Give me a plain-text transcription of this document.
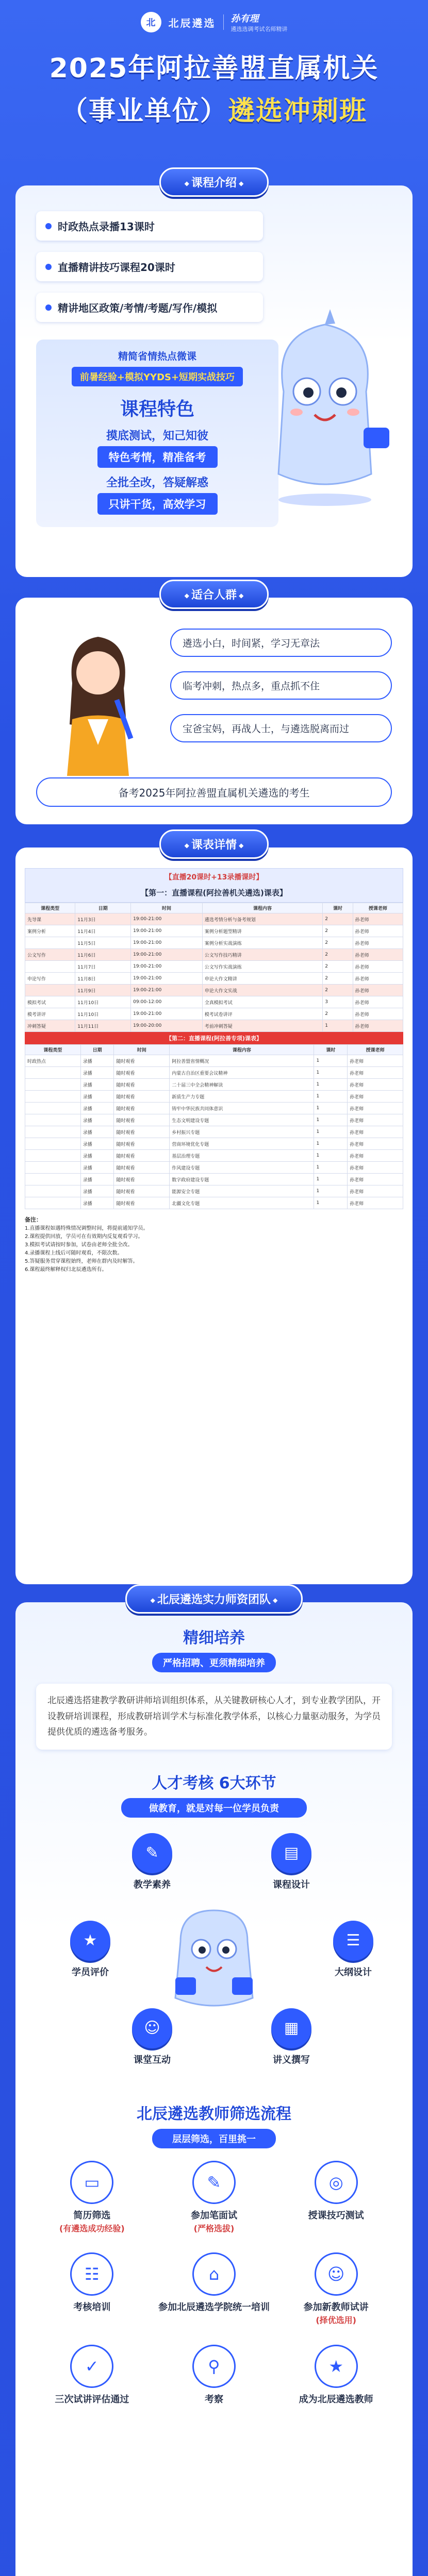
北	北辰遴选 孙有理
遴选选调考试名师精讲
2025年阿拉善盟直属机关
（事业单位）遴选冲刺班
◆ 课程介绍 ◆
时政热点录播13课时
直播精讲技巧课程20课时
精讲地区政策/考情/考题/写作/模拟
精简省情热点微课
前暑经验+模拟YYDS+短期实战技巧
课程特色
摸底测试，知己知彼
特色考情，精准备考
全批全改，答疑解惑
只讲干货，高效学习
◆ 适合人群 ◆
遴选小白，时间紧，学习无章法
临考冲刺，热点多，重点抓不住
宝爸宝妈，再战人士，与遴选脱离而过
备考2025年阿拉善盟直属机关遴选的考生
◆ 课表详情 ◆
【直播20课时+13录播课时】
【第一：直播课程(阿拉善机关遴选)课表】
课程类型	日期	时间	课程内容	课时	授课老师
先导课	11月3日	19:00-21:00	遴选考情分析与备考规划	2	孙老师
案例分析	11月4日	19:00-21:00	案例分析题型精讲	2	孙老师
	11月5日	19:00-21:00	案例分析实战演练	2	孙老师
公文写作	11月6日	19:00-21:00	公文写作技巧精讲	2	孙老师
	11月7日	19:00-21:00	公文写作实战演练	2	孙老师
申论写作	11月8日	19:00-21:00	申论大作文精讲	2	孙老师
	11月9日	19:00-21:00	申论大作文实战	2	孙老师
模拟考试	11月10日	09:00-12:00	全真模拟考试	3	孙老师
模考讲评	11月10日	19:00-21:00	模考试卷讲评	2	孙老师
冲刺答疑	11月11日	19:00-20:00	考前冲刺答疑	1	孙老师
【第二：直播课程(阿拉善专项)课表】
课程类型	日期	时间	课程内容	课时	授课老师
时政热点	录播	随时观看	阿拉善盟省情概况	1	孙老师
	录播	随时观看	内蒙古自治区重要会议精神	1	孙老师
	录播	随时观看	二十届三中全会精神解读	1	孙老师
	录播	随时观看	新质生产力专题	1	孙老师
	录播	随时观看	铸牢中华民族共同体意识	1	孙老师
	录播	随时观看	生态文明建设专题	1	孙老师
	录播	随时观看	乡村振兴专题	1	孙老师
	录播	随时观看	营商环境优化专题	1	孙老师
	录播	随时观看	基层治理专题	1	孙老师
	录播	随时观看	作风建设专题	1	孙老师
	录播	随时观看	数字政府建设专题	1	孙老师
	录播	随时观看	能源安全专题	1	孙老师
	录播	随时观看	北疆文化专题	1	孙老师
备注：
1.直播课程如遇特殊情况调整时间，将提前通知学员。
2.课程提供回放，学员可在有效期内反复观看学习。
3.模拟考试请按时参加，试卷由老师全批全改。
4.录播课程上线后可随时观看，不限次数。
5.答疑服务贯穿课程始终，老师在群内及时解答。
6.课程最终解释权归北辰遴选所有。
◆ 北辰遴选实力师资团队 ◆
精细培养
严格招聘、更须精细培养
北辰遴选搭建教学教研讲师培训组织体系，从关键教研核心人才，到专业教学团队，开设教研培训课程，形成教研培训学术与标准化教学体系，以核心力量驱动服务，为学员提供优质的遴选备考服务。
人才考核 6大环节
做教育，就是对每一位学员负责
✎
教学素养
▤
课程设计
☰
大纲设计
▦
讲义撰写
☺
课堂互动
★
学员评价
北辰遴选教师筛选流程
层层筛选，百里挑一
▭
简历筛选
(有遴选成功经验)
✎
参加笔面试
(严格选拔)
◎
授课技巧测试

☷
考核培训

⌂
参加北辰遴选学院统一培训

☺
参加新教师试讲
(择优选用)
✓
三次试讲评估通过

⚲
考察

★
成为北辰遴选教师
